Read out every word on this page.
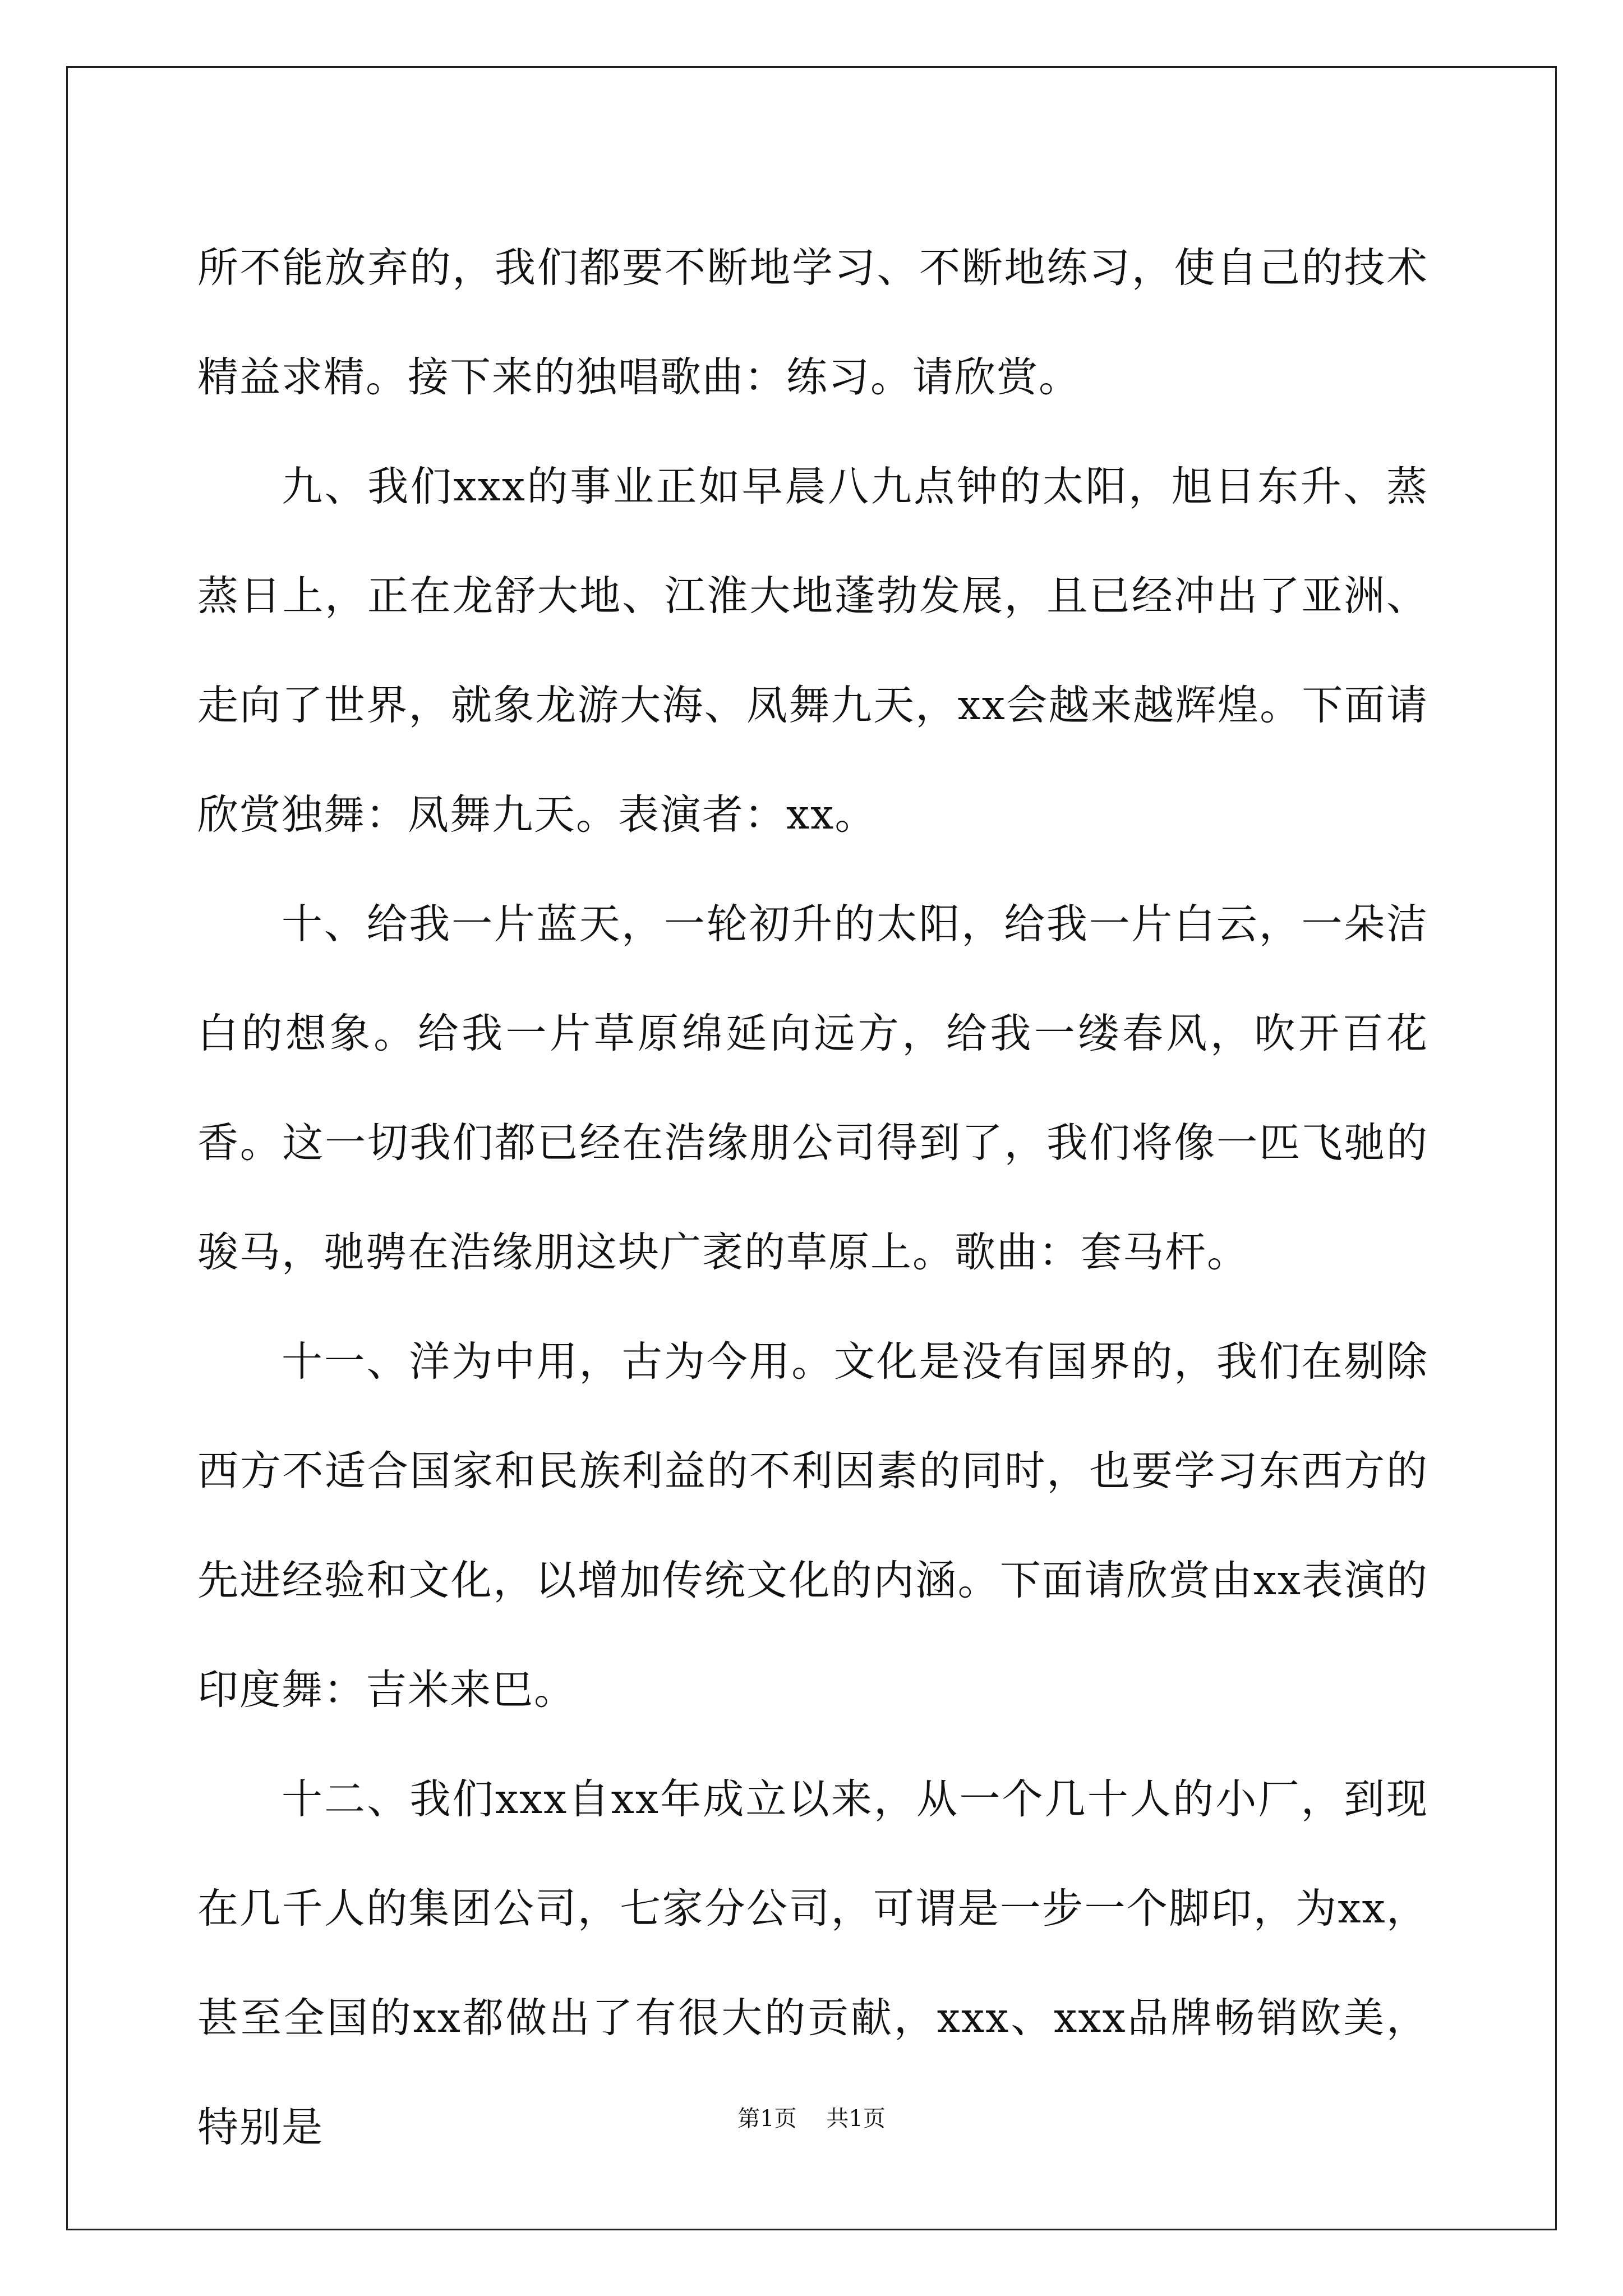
所不能放弃的，我们都要不断地学习、不断地练习，使自己的技术精益求精。接下来的独唱歌曲：练习。请欣赏。

九、我们xxx的事业正如早晨八九点钟的太阳，旭日东升、蒸蒸日上，正在龙舒大地、江淮大地蓬勃发展，且已经冲出了亚洲、走向了世界，就象龙游大海、凤舞九天，xx会越来越辉煌。下面请欣赏独舞：凤舞九天。表演者：xx。

十、给我一片蓝天，一轮初升的太阳，给我一片白云，一朵洁白的想象。给我一片草原绵延向远方，给我一缕春风，吹开百花香。这一切我们都已经在浩缘朋公司得到了，我们将像一匹飞驰的骏马，驰骋在浩缘朋这块广袤的草原上。歌曲：套马杆。

十一、洋为中用，古为今用。文化是没有国界的，我们在剔除西方不适合国家和民族利益的不利因素的同时，也要学习东西方的先进经验和文化，以增加传统文化的内涵。下面请欣赏由xx表演的印度舞：吉米来巴。

十二、我们xxx自xx年成立以来，从一个几十人的小厂，到现在几千人的集团公司，七家分公司，可谓是一步一个脚印，为xx，甚至全国的xx都做出了有很大的贡献，xxx、xxx品牌畅销欧美，特别是	第1页 共1页
